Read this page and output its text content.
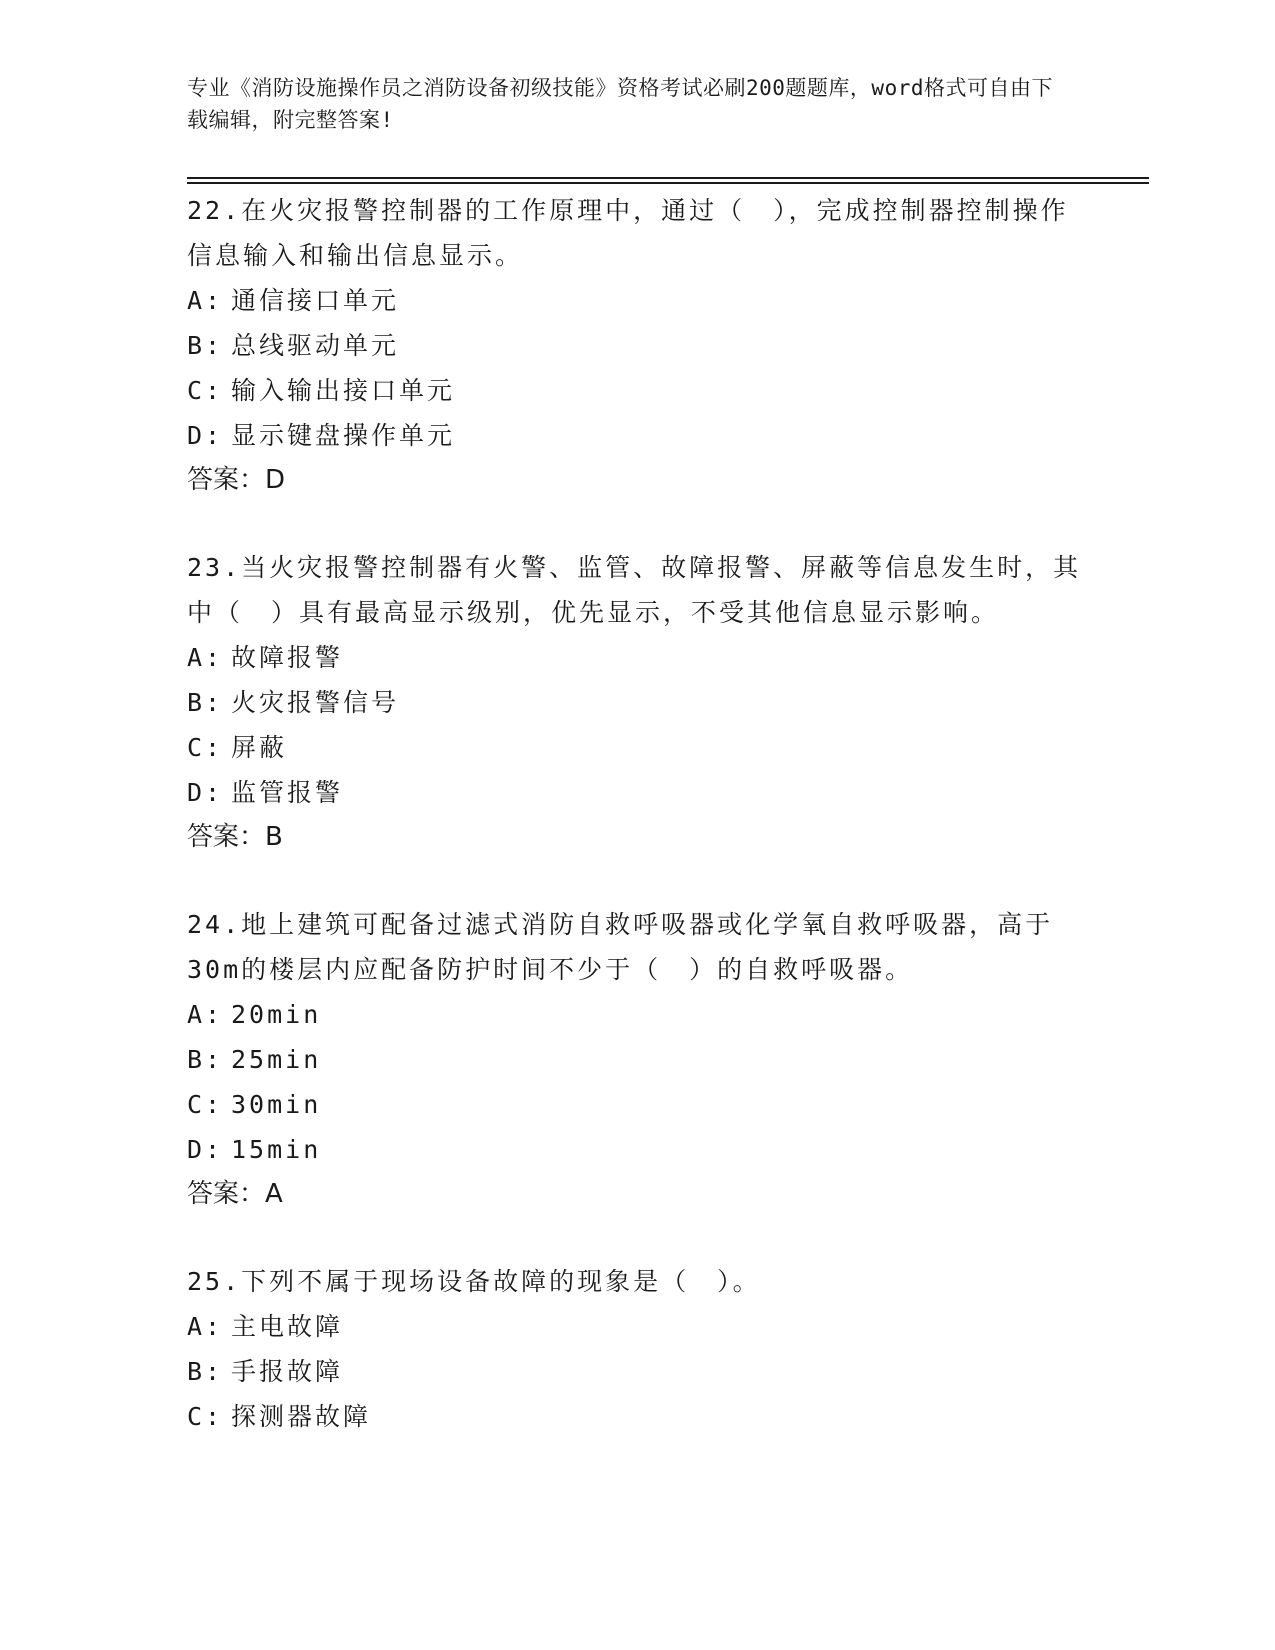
专业《消防设施操作员之消防设备初级技能》资格考试必刷200题题库，word格式可自由下载编辑，附完整答案!
22.在火灾报警控制器的工作原理中，通过（　），完成控制器控制操作信息输入和输出信息显示。
A: 通信接口单元
B: 总线驱动单元
C: 输入输出接口单元
D: 显示键盘操作单元
答案：D
23.当火灾报警控制器有火警、监管、故障报警、屏蔽等信息发生时，其中（　）具有最高显示级别，优先显示，不受其他信息显示影响。
A: 故障报警
B: 火灾报警信号
C: 屏蔽
D: 监管报警
答案：B
24.地上建筑可配备过滤式消防自救呼吸器或化学氧自救呼吸器，高于30m的楼层内应配备防护时间不少于（　）的自救呼吸器。
A: 20min
B: 25min
C: 30min
D: 15min
答案：A
25.下列不属于现场设备故障的现象是（　）。
A: 主电故障
B: 手报故障
C: 探测器故障
